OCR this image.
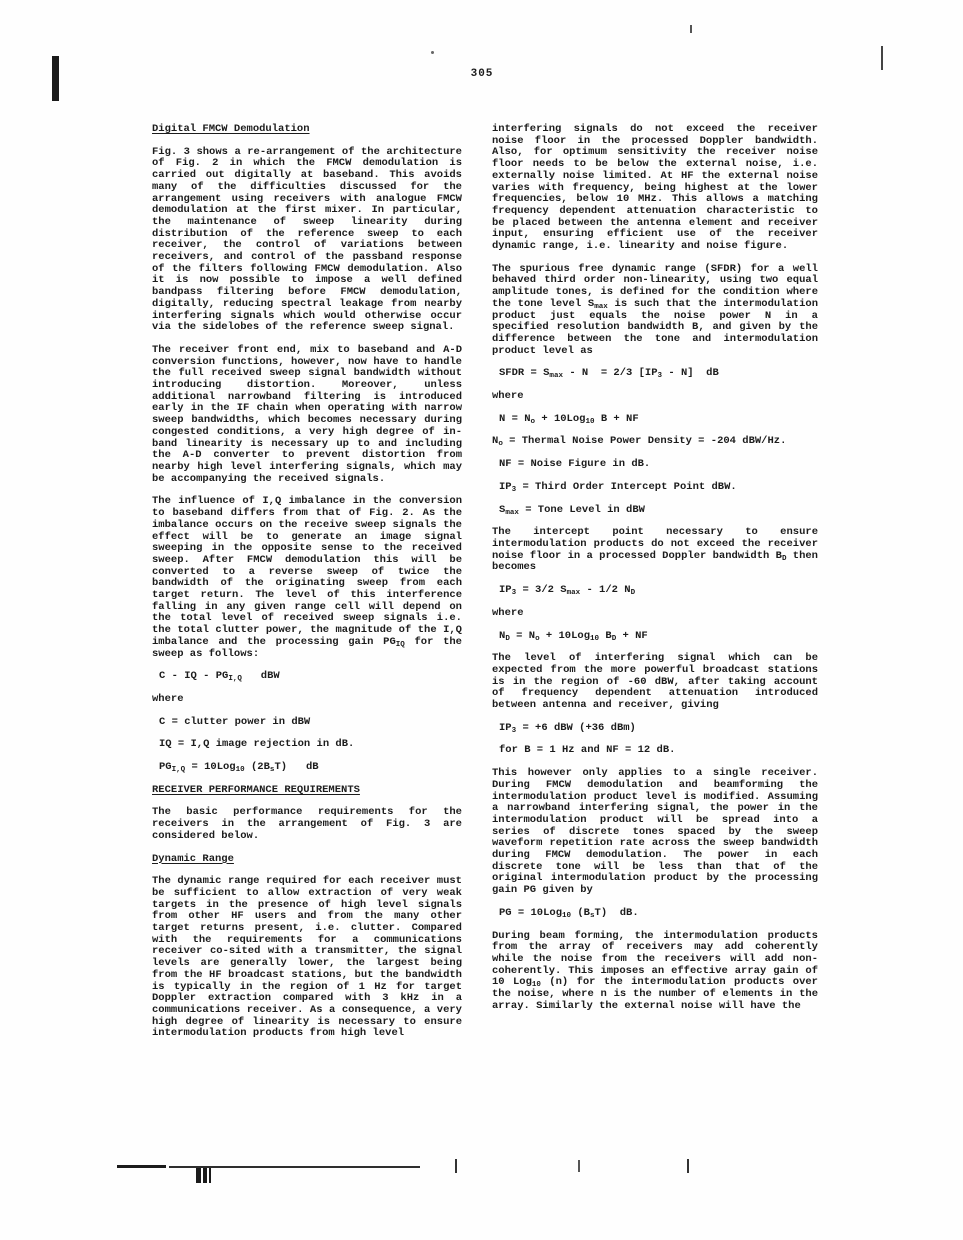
305
Digital FMCW Demodulation
Fig. 3 shows a re-arrangement of the architecture of Fig. 2 in which the FMCW demodulation is carried out digitally at baseband. This avoids many of the difficulties discussed for the arrangement using receivers with analogue FMCW demodulation at the first mixer. In particular, the maintenance of sweep linearity during distribution of the reference sweep to each receiver, the control of variations between receivers, and control of the passband response of the filters following FMCW demodulation. Also it is now possible to impose a well defined bandpass filtering before FMCW demodulation, digitally, reducing spectral leakage from nearby interfering signals which would otherwise occur via the sidelobes of the reference sweep signal.
The receiver front end, mix to baseband and A-D conversion functions, however, now have to handle the full received sweep signal bandwidth without introducing distortion. Moreover, unless additional narrowband filtering is introduced early in the IF chain when operating with narrow sweep bandwidths, which becomes necessary during congested conditions, a very high degree of in-band linearity is necessary up to and including the A-D converter to prevent distortion from nearby high level interfering signals, which may be accompanying the received signals.
The influence of I,Q imbalance in the conversion to baseband differs from that of Fig. 2. As the imbalance occurs on the receive sweep signals the effect will be to generate an image signal sweeping in the opposite sense to the received sweep. After FMCW demodulation this will be converted to a reverse sweep of twice the bandwidth of the originating sweep from each target return. The level of this interference falling in any given range cell will depend on the total level of received sweep signals i.e. the total clutter power, the magnitude of the I,Q imbalance and the processing gain $PG_{IQ}$ for the sweep as follows:
C - IQ - $PG_{I,Q}$   dBW
where
C = clutter power in dBW
IQ = I,Q image rejection in dB.
$PG_{I,Q} = 10Log_{10}$ $(2B_sT)$   dB
RECEIVER PERFORMANCE REQUIREMENTS
The basic performance requirements for the receivers in the arrangement of Fig. 3 are considered below.
Dynamic Range
The dynamic range required for each receiver must be sufficient to allow extraction of very weak targets in the presence of high level signals from other HF users and from the many other target returns present, i.e. clutter. Compared with the requirements for a communications receiver co-sited with a transmitter, the signal levels are generally lower, the largest being from the HF broadcast stations, but the bandwidth is typically in the region of 1 Hz for target Doppler extraction compared with 3 kHz in a communications receiver. As a consequence, a very high degree of linearity is necessary to ensure intermodulation products from high level
interfering signals do not exceed the receiver noise floor in the processed Doppler bandwidth. Also, for optimum sensitivity the receiver noise floor needs to be below the external noise, i.e. externally noise limited. At HF the external noise varies with frequency, being highest at the lower frequencies, below 10 MHz. This allows a matching frequency dependent attenuation characteristic to be placed between the antenna element and receiver input, ensuring efficient use of the receiver dynamic range, i.e. linearity and noise figure.
The spurious free dynamic range (SFDR) for a well behaved third order non-linearity, using two equal amplitude tones, is defined for the condition where the tone level $S_{max}$ is such that the intermodulation product just equals the noise power N in a specified resolution bandwidth B, and given by the difference between the tone and intermodulation product level as
SFDR = $S_{max} - N = 2/3$ $[IP_3 - N]$  dB
where
$N = N_o + 10Log_{10}$ B + NF
$N_o$ = Thermal Noise Power Density = -204 dBW/Hz.
NF = Noise Figure in dB.
$IP_3$ = Third Order Intercept Point dBW.
$S_{max}$ = Tone Level in dBW
The intercept point necessary to ensure intermodulation products do not exceed the receiver noise floor in a processed Doppler bandwidth $B_D$ then becomes
$IP_3 = 3/2$ $S_{max} - 1/2$ $N_D$
where
$N_D = N_o + 10Log_{10}$ $B_D$ + NF
The level of interfering signal which can be expected from the more powerful broadcast stations is in the region of -60 dBW, after taking account of frequency dependent attenuation introduced between antenna and receiver, giving
$IP_3 = +6$ dBW (+36 dBm)
for B = 1 Hz and NF = 12 dB.
This however only applies to a single receiver. During FMCW demodulation and beamforming the intermodulation product level is modified. Assuming a narrowband interfering signal, the power in the intermodulation product will be spread into a series of discrete tones spaced by the sweep waveform repetition rate across the sweep bandwidth during FMCW demodulation. The power in each discrete tone will be less than that of the original intermodulation product by the processing gain PG given by
PG = 10Log$_{10}$ $(B_sT)$  dB.
During beam forming, the intermodulation products from the array of receivers may add coherently while the noise from the receivers will add non-coherently. This imposes an effective array gain of 10 Log$_{10}$ (n) for the intermodulation products over the noise, where n is the number of elements in the array. Similarly the external noise will have the
